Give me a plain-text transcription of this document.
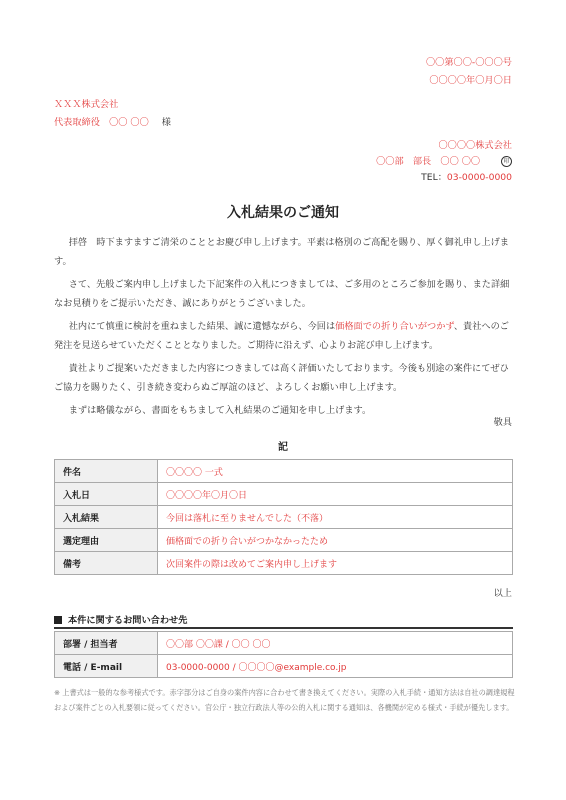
〇〇第〇〇-〇〇〇号
〇〇〇〇年〇月〇日
ＸＸＸ株式会社
代表取締役　〇〇 〇〇 様
〇〇〇〇株式会社
〇〇部　部長　〇〇 〇〇	印
TEL：03-0000-0000
入札結果のご通知

拝啓　時下ますますご清栄のこととお慶び申し上げます。平素は格別のご高配を賜り、厚く御礼申し上げます。

さて、先般ご案内申し上げました下記案件の入札につきましては、ご多用のところご参加を賜り、また詳細なお見積りをご提示いただき、誠にありがとうございました。

社内にて慎重に検討を重ねました結果、誠に遺憾ながら、今回は価格面での折り合いがつかず、貴社へのご発注を見送らせていただくこととなりました。ご期待に沿えず、心よりお詫び申し上げます。

貴社よりご提案いただきました内容につきましては高く評価いたしております。今後も別途の案件にてぜひご協力を賜りたく、引き続き変わらぬご厚誼のほど、よろしくお願い申し上げます。

まずは略儀ながら、書面をもちまして入札結果のご通知を申し上げます。

敬具
記
件名	〇〇〇〇 一式
入札日	〇〇〇〇年〇月〇日
入札結果	今回は落札に至りませんでした（不落）
選定理由	価格面での折り合いがつかなかったため
備考	次回案件の際は改めてご案内申し上げます
以上
本件に関するお問い合わせ先
部署 / 担当者	〇〇部 〇〇課 / 〇〇 〇〇
電話 / E-mail	03-0000-0000 / 〇〇〇〇@example.co.jp
※ 上書式は一般的な参考様式です。赤字部分はご自身の案件内容に合わせて書き換えてください。実際の入札手続・通知方法は自社の調達規程および案件ごとの入札要領に従ってください。官公庁・独立行政法人等の公的入札に関する通知は、各機関が定める様式・手続が優先します。
